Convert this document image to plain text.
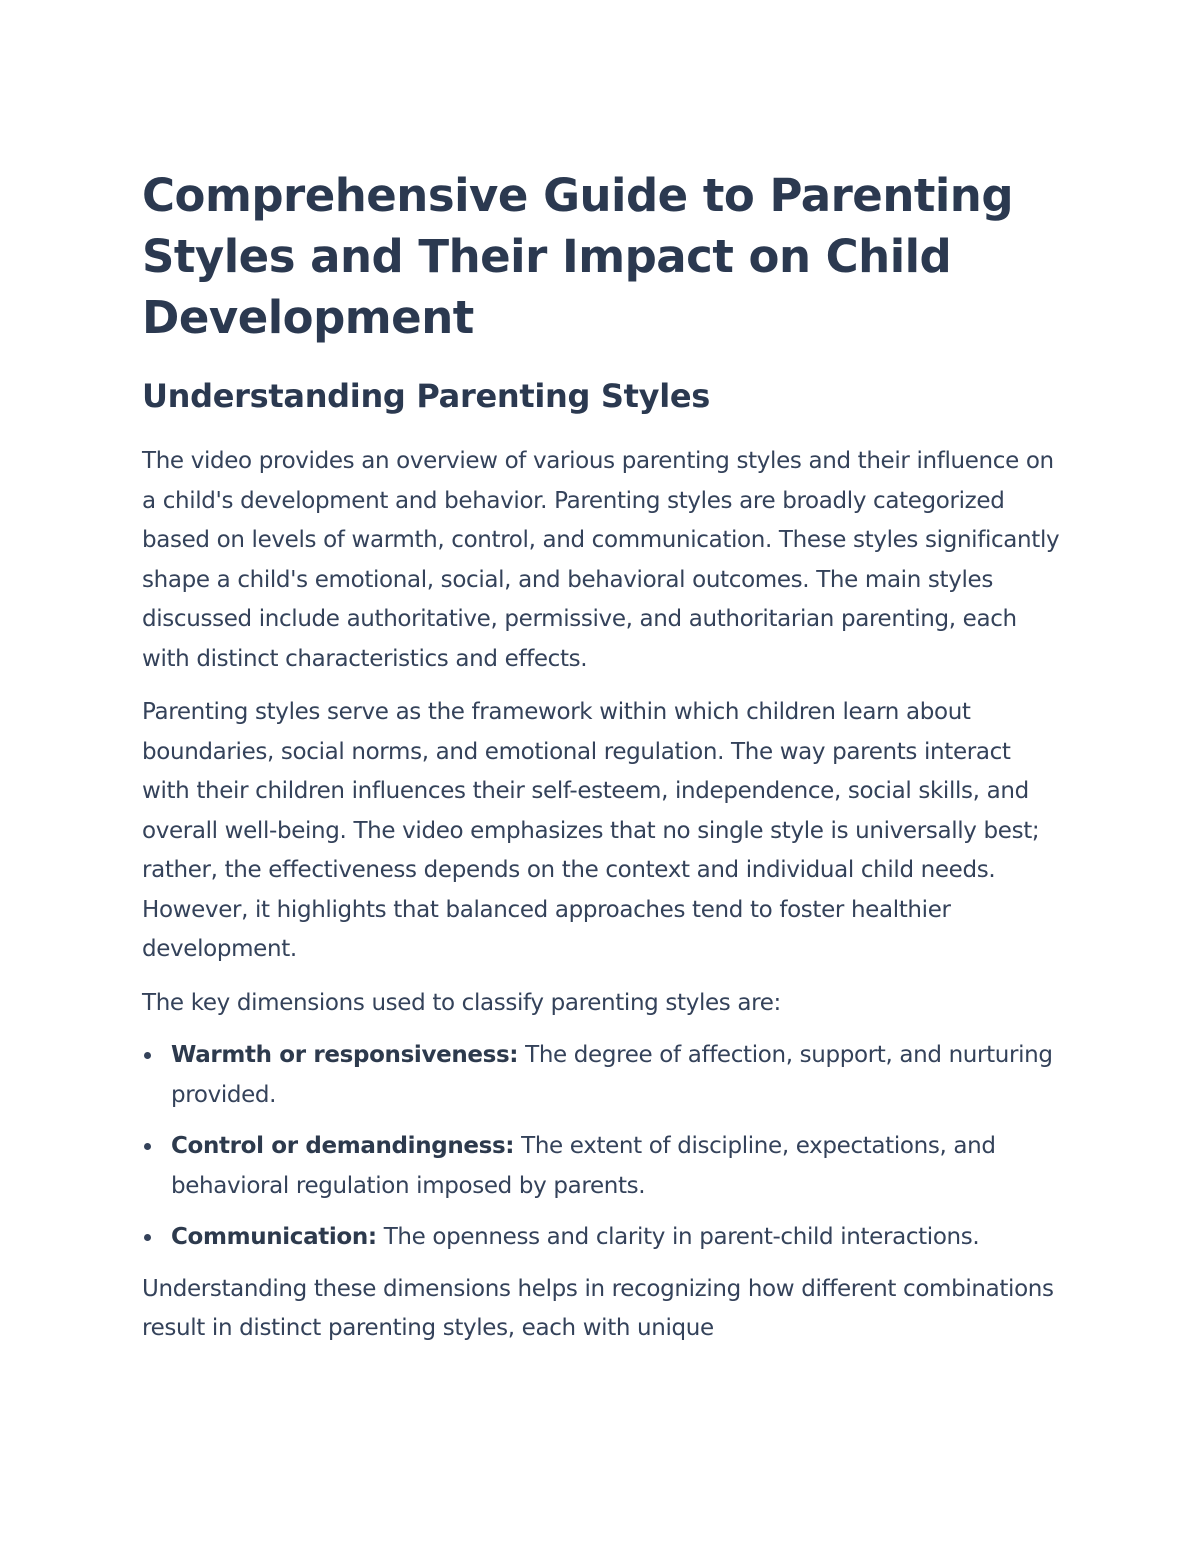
Comprehensive Guide to Parenting Styles and Their Impact on Child Development
Understanding Parenting Styles

The video provides an overview of various parenting styles and their influence on a child's development and behavior. Parenting styles are broadly categorized based on levels of warmth, control, and communication. These styles significantly shape a child's emotional, social, and behavioral outcomes. The main styles discussed include authoritative, permissive, and authoritarian parenting, each with distinct characteristics and effects.

Parenting styles serve as the framework within which children learn about boundaries, social norms, and emotional regulation. The way parents interact with their children influences their self-esteem, independence, social skills, and overall well-being. The video emphasizes that no single style is universally best; rather, the effectiveness depends on the context and individual child needs. However, it highlights that balanced approaches tend to foster healthier development.

The key dimensions used to classify parenting styles are:

Warmth or responsiveness: The degree of affection, support, and nurturing provided.
Control or demandingness: The extent of discipline, expectations, and behavioral regulation imposed by parents.
Communication: The openness and clarity in parent-child interactions.

Understanding these dimensions helps in recognizing how different combinations result in distinct parenting styles, each with unique
